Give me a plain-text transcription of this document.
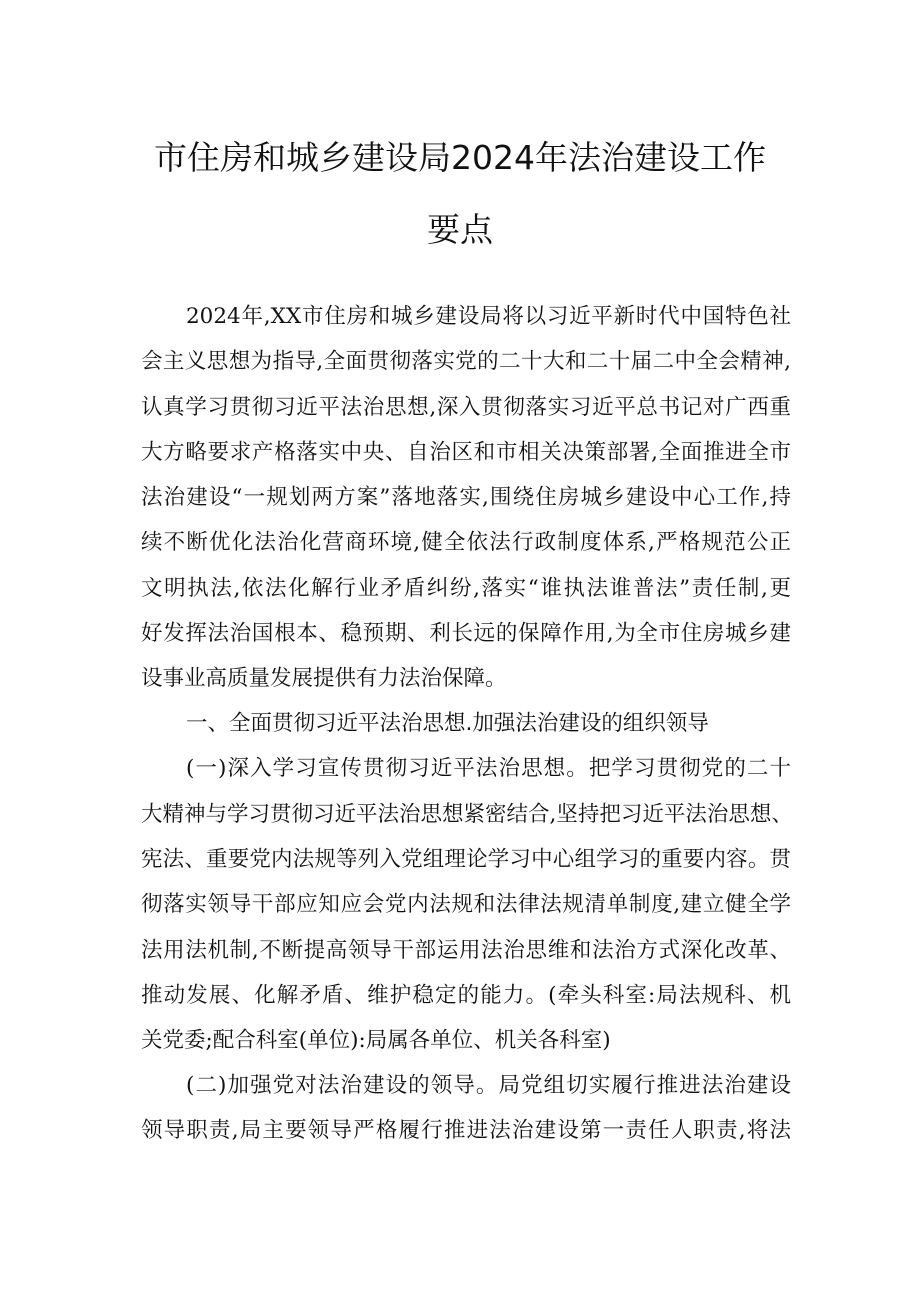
市住房和城乡建设局2024年法治建设工作
要点
2024年,XX市住房和城乡建设局将以习近平新时代中国特色社
会主义思想为指导,全面贯彻落实党的二十大和二十届二中全会精神,
认真学习贯彻习近平法治思想,深入贯彻落实习近平总书记对广西重
大方略要求产格落实中央、自治区和市相关决策部署,全面推进全市
法治建设“一规划两方案”落地落实,围绕住房城乡建设中心工作,持
续不断优化法治化营商环境,健全依法行政制度体系,严格规范公正
文明执法,依法化解行业矛盾纠纷,落实“谁执法谁普法”责任制,更
好发挥法治国根本、稳预期、利长远的保障作用,为全市住房城乡建
设事业高质量发展提供有力法治保障。
一、全面贯彻习近平法治思想.加强法治建设的组织领导
(一)深入学习宣传贯彻习近平法治思想。把学习贯彻党的二十
大精神与学习贯彻习近平法治思想紧密结合,坚持把习近平法治思想、
宪法、重要党内法规等列入党组理论学习中心组学习的重要内容。贯
彻落实领导干部应知应会党内法规和法律法规清单制度,建立健全学
法用法机制,不断提高领导干部运用法治思维和法治方式深化改革、
推动发展、化解矛盾、维护稳定的能力。(牵头科室:局法规科、机
关党委;配合科室(单位):局属各单位、机关各科室)
(二)加强党对法治建设的领导。局党组切实履行推进法治建设
领导职责,局主要领导严格履行推进法治建设第一责任人职责,将法
